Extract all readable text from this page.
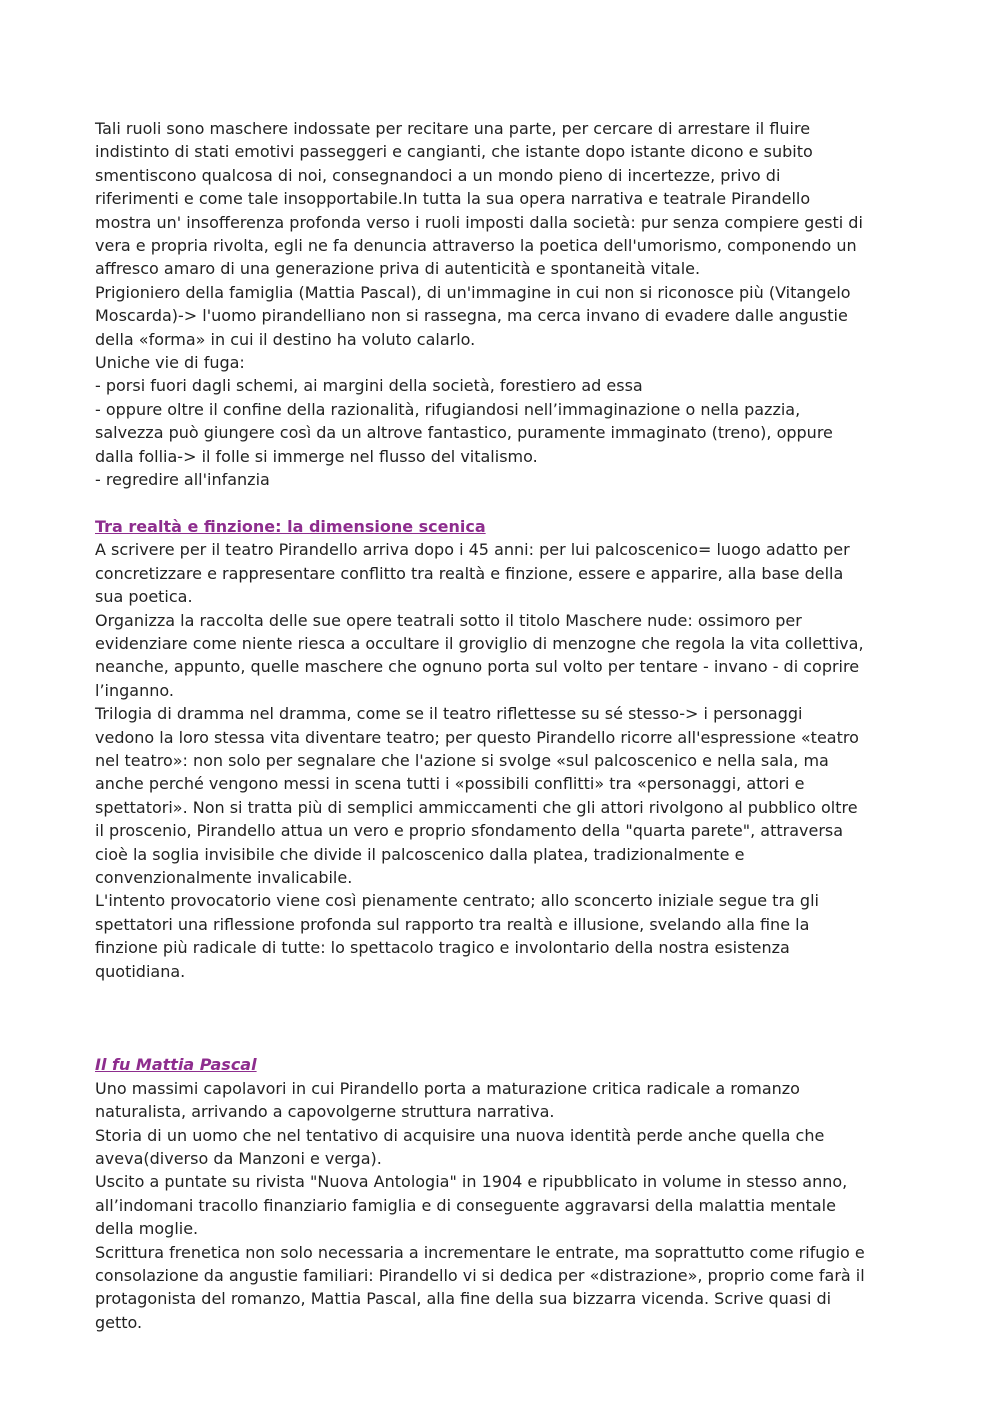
Tali ruoli sono maschere indossate per recitare una parte, per cercare di arrestare il fluire

indistinto di stati emotivi passeggeri e cangianti, che istante dopo istante dicono e subito

smentiscono qualcosa di noi, consegnandoci a un mondo pieno di incertezze, privo di

riferimenti e come tale insopportabile.In tutta la sua opera narrativa e teatrale Pirandello

mostra un' insofferenza profonda verso i ruoli imposti dalla società: pur senza compiere gesti di

vera e propria rivolta, egli ne fa denuncia attraverso la poetica dell'umorismo, componendo un

affresco amaro di una generazione priva di autenticità e spontaneità vitale.

Prigioniero della famiglia (Mattia Pascal), di un'immagine in cui non si riconosce più (Vitangelo

Moscarda)-> l'uomo pirandelliano non si rassegna, ma cerca invano di evadere dalle angustie

della «forma» in cui il destino ha voluto calarlo.

Uniche vie di fuga:

- porsi fuori dagli schemi, ai margini della società, forestiero ad essa

- oppure oltre il confine della razionalità, rifugiandosi nell’immaginazione o nella pazzia,

salvezza può giungere così da un altrove fantastico, puramente immaginato (treno), oppure

dalla follia-> il folle si immerge nel flusso del vitalismo.

- regredire all'infanzia

Tra realtà e finzione: la dimensione scenica

A scrivere per il teatro Pirandello arriva dopo i 45 anni: per lui palcoscenico= luogo adatto per

concretizzare e rappresentare conflitto tra realtà e finzione, essere e apparire, alla base della

sua poetica.

Organizza la raccolta delle sue opere teatrali sotto il titolo Maschere nude: ossimoro per

evidenziare come niente riesca a occultare il groviglio di menzogne che regola la vita collettiva,

neanche, appunto, quelle maschere che ognuno porta sul volto per tentare - invano - di coprire

l’inganno.

Trilogia di dramma nel dramma, come se il teatro riflettesse su sé stesso-> i personaggi

vedono la loro stessa vita diventare teatro; per questo Pirandello ricorre all'espressione «teatro

nel teatro»: non solo per segnalare che l'azione si svolge «sul palcoscenico e nella sala, ma

anche perché vengono messi in scena tutti i «possibili conflitti» tra «personaggi, attori e

spettatori». Non si tratta più di semplici ammiccamenti che gli attori rivolgono al pubblico oltre

il proscenio, Pirandello attua un vero e proprio sfondamento della "quarta parete", attraversa

cioè la soglia invisibile che divide il palcoscenico dalla platea, tradizionalmente e

convenzionalmente invalicabile.

L'intento provocatorio viene così pienamente centrato; allo sconcerto iniziale segue tra gli

spettatori una riflessione profonda sul rapporto tra realtà e illusione, svelando alla fine la

finzione più radicale di tutte: lo spettacolo tragico e involontario della nostra esistenza

quotidiana.

Il fu Mattia Pascal

Uno massimi capolavori in cui Pirandello porta a maturazione critica radicale a romanzo

naturalista, arrivando a capovolgerne struttura narrativa.

Storia di un uomo che nel tentativo di acquisire una nuova identità perde anche quella che

aveva(diverso da Manzoni e verga).

Uscito a puntate su rivista "Nuova Antologia" in 1904 e ripubblicato in volume in stesso anno,

all’indomani tracollo finanziario famiglia e di conseguente aggravarsi della malattia mentale

della moglie.

Scrittura frenetica non solo necessaria a incrementare le entrate, ma soprattutto come rifugio e

consolazione da angustie familiari: Pirandello vi si dedica per «distrazione», proprio come farà il

protagonista del romanzo, Mattia Pascal, alla fine della sua bizzarra vicenda. Scrive quasi di

getto.
